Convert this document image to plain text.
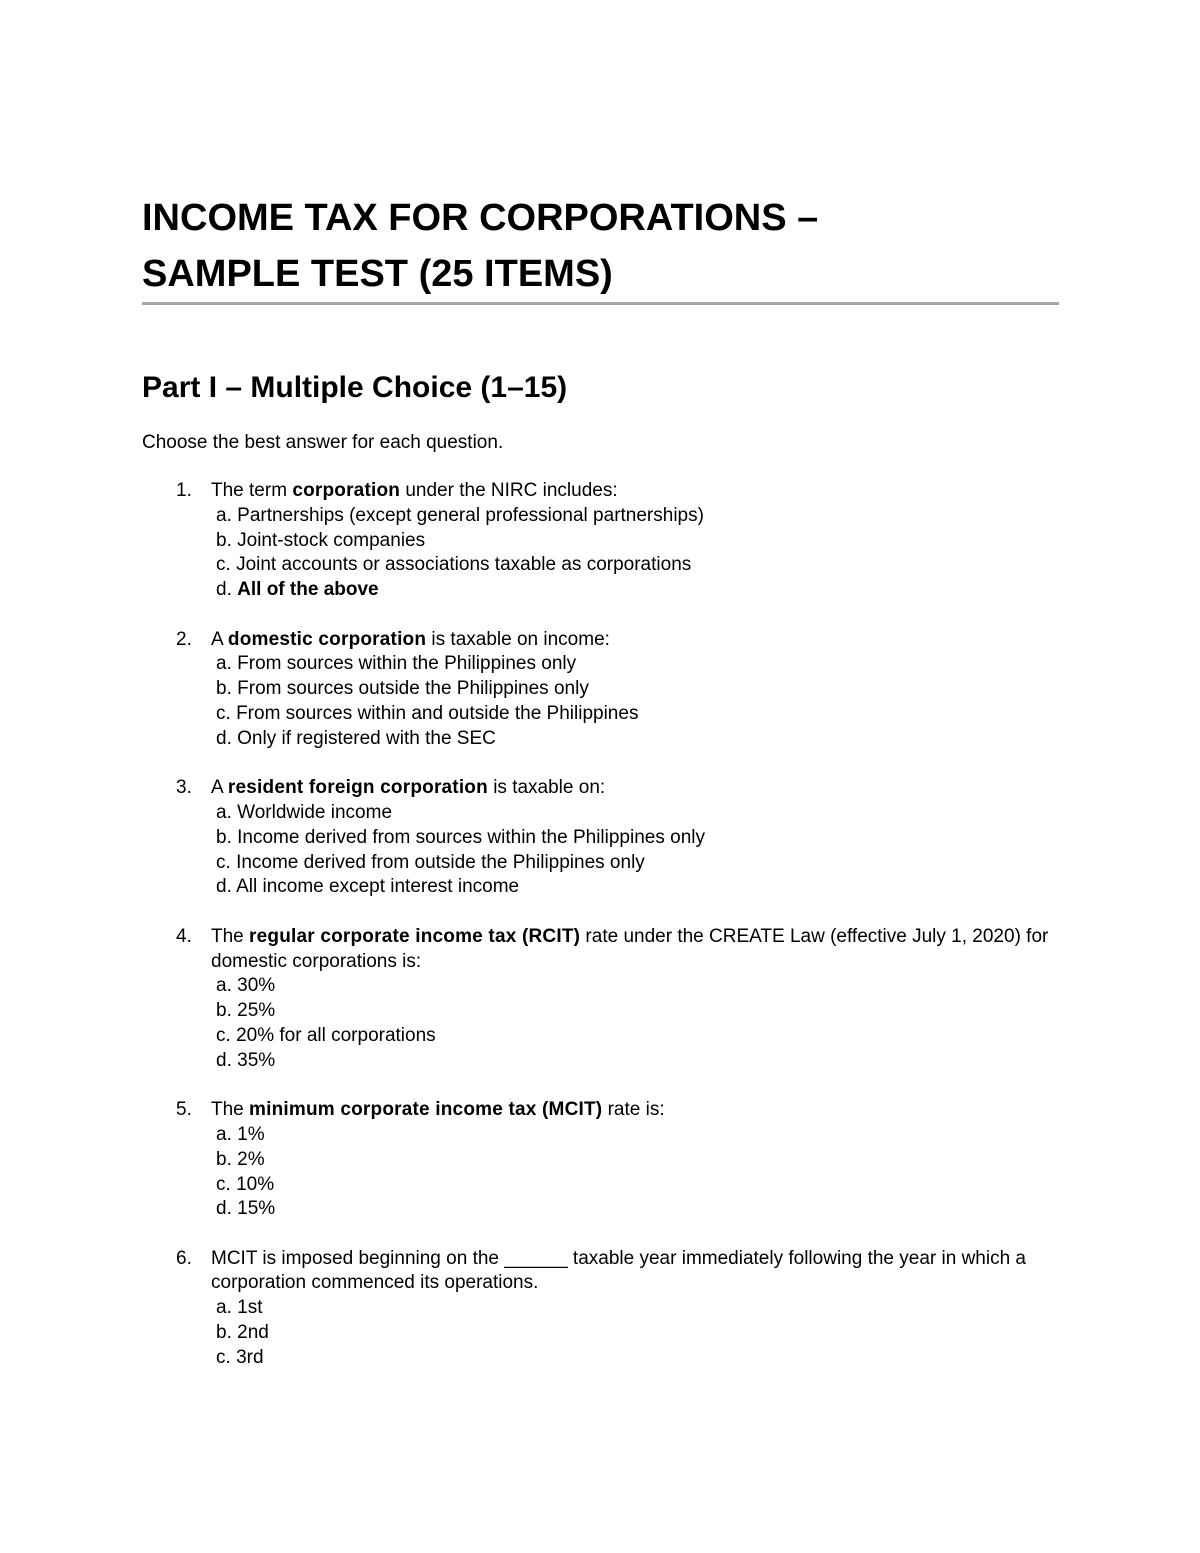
INCOME TAX FOR CORPORATIONS –
SAMPLE TEST (25 ITEMS)
Part I – Multiple Choice (1–15)

Choose the best answer for each question.

1. The term corporation under the NIRC includes:
a. Partnerships (except general professional partnerships)
b. Joint-stock companies
c. Joint accounts or associations taxable as corporations
d. All of the above
2. A domestic corporation is taxable on income:
a. From sources within the Philippines only
b. From sources outside the Philippines only
c. From sources within and outside the Philippines
d. Only if registered with the SEC
3. A resident foreign corporation is taxable on:
a. Worldwide income
b. Income derived from sources within the Philippines only
c. Income derived from outside the Philippines only
d. All income except interest income
4. The regular corporate income tax (RCIT) rate under the CREATE Law (effective July 1, 2020) for domestic corporations is:
a. 30%
b. 25%
c. 20% for all corporations
d. 35%
5. The minimum corporate income tax (MCIT) rate is:
a. 1%
b. 2%
c. 10%
d. 15%
6. MCIT is imposed beginning on the ______ taxable year immediately following the year in which a corporation commenced its operations.
a. 1st
b. 2nd
c. 3rd
